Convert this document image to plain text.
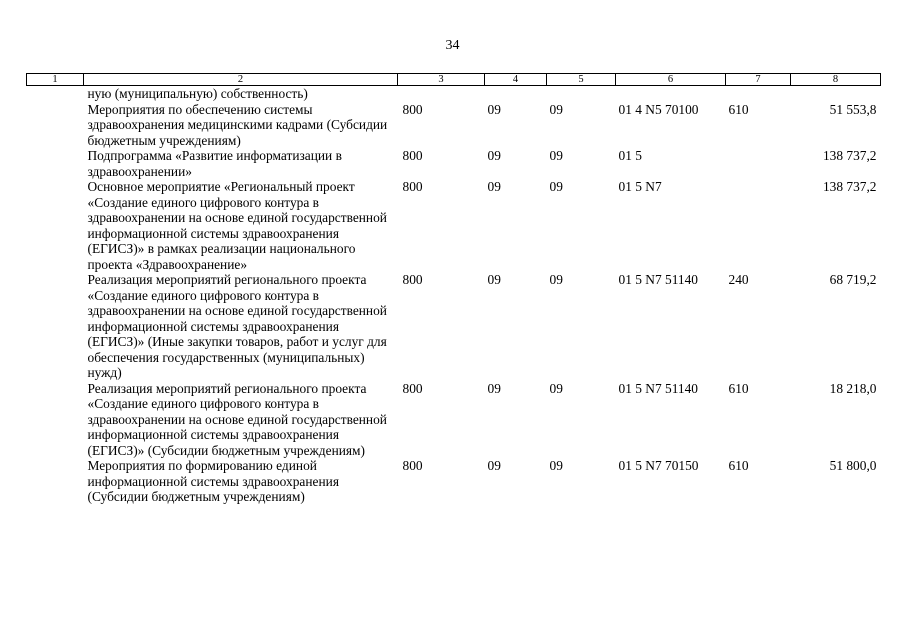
34
1	2	3	4	5	6	7	8
	ную (муниципальную) собственность)						
	Мероприятия по обеспечению системы здравоохранения медицинскими кадрами (Субсидии бюджетным учреждениям)	800	09	09	01 4 N5 70100	610	51 553,8
	Подпрограмма «Развитие информатизации в здравоохранении»	800	09	09	01 5		138 737,2
	Основное мероприятие «Региональный проект «Создание единого цифрового контура в здравоохранении на основе единой государственной информационной системы здравоохранения (ЕГИСЗ)» в рамках реализации национального проекта «Здравоохранение»	800	09	09	01 5 N7		138 737,2
	Реализация мероприятий регионального проекта «Создание единого цифрового контура в здравоохранении на основе единой государственной информационной системы здравоохранения (ЕГИСЗ)» (Иные закупки товаров, работ и услуг для обеспечения государственных (муниципальных) нужд)	800	09	09	01 5 N7 51140	240	68 719,2
	Реализация мероприятий регионального проекта «Создание единого цифрового контура в здравоохранении на основе единой государственной информационной системы здравоохранения (ЕГИСЗ)» (Субсидии бюджетным учреждениям)	800	09	09	01 5 N7 51140	610	18 218,0
	Мероприятия по формированию единой информационной системы здравоохранения (Субсидии бюджетным учреждениям)	800	09	09	01 5 N7 70150	610	51 800,0
